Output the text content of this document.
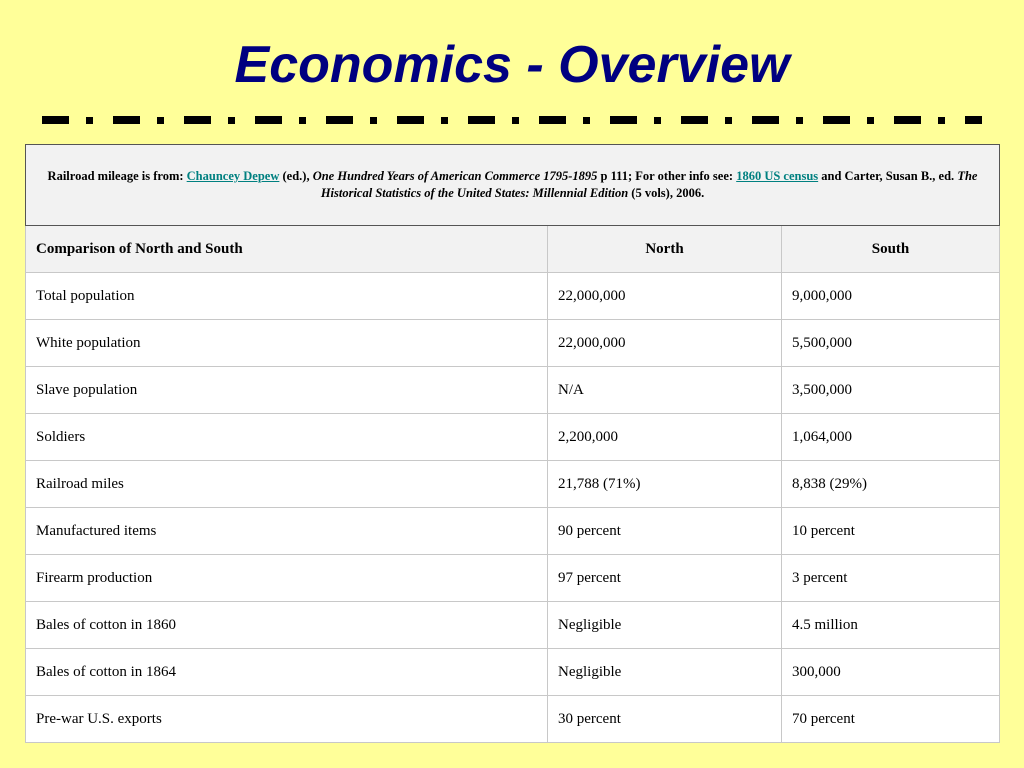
Economics - Overview
Railroad mileage is from: Chauncey Depew (ed.), One Hundred Years of American Commerce 1795-1895 p 111; For other info see: 1860 US census and Carter, Susan B., ed. The Historical Statistics of the United States: Millennial Edition (5 vols), 2006.		
Comparison of North and South	North	South
Total population	22,000,000	9,000,000
White population	22,000,000	5,500,000
Slave population	N/A	3,500,000
Soldiers	2,200,000	1,064,000
Railroad miles	21,788 (71%)	8,838 (29%)
Manufactured items	90 percent	10 percent
Firearm production	97 percent	3 percent
Bales of cotton in 1860	Negligible	4.5 million
Bales of cotton in 1864	Negligible	300,000
Pre-war U.S. exports	30 percent	70 percent
